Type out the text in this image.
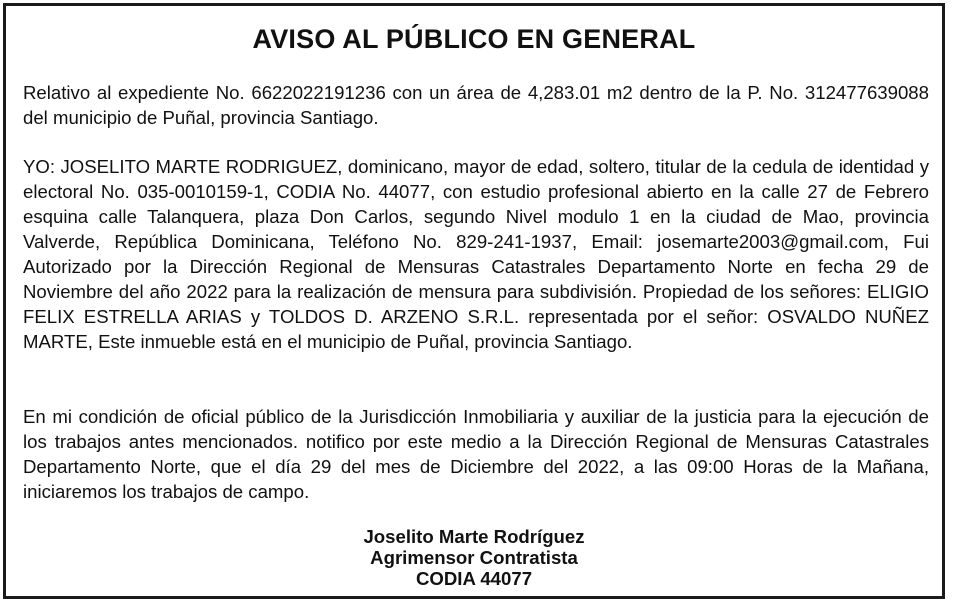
AVISO AL PÚBLICO EN GENERAL

Relativo al expediente No. 6622022191236 con un área de 4,283.01 m2 dentro de la P. No. 312477639088 del municipio de Puñal, provincia Santiago.

YO: JOSELITO MARTE RODRIGUEZ, dominicano, mayor de edad, soltero, titular de la cedula de identidad y electoral No. 035-0010159-1, CODIA No. 44077, con estudio profesional abierto en la calle 27 de Febrero esquina calle Talanquera, plaza Don Carlos, segundo Nivel modulo 1 en la ciudad de Mao, provincia Valverde, República Dominicana, Teléfono No. 829-241-1937, Email: josemarte2003@gmail.com, Fui Autorizado por la Dirección Regional de Mensuras Catastrales Departamento Norte en fecha 29 de Noviembre del año 2022 para la realización de mensura para subdivisión. Propiedad de los señores: ELIGIO FELIX ESTRELLA ARIAS y TOLDOS D. ARZENO S.R.L. representada por el señor: OSVALDO NUÑEZ MARTE, Este inmueble está en el municipio de Puñal, provincia Santiago.

En mi condición de oficial público de la Jurisdicción Inmobiliaria y auxiliar de la justicia para la ejecución de los trabajos antes mencionados. notifico por este medio a la Dirección Regional de Mensuras Catastrales Departamento Norte, que el día 29 del mes de Diciembre del 2022, a las 09:00 Horas de la Mañana, iniciaremos los trabajos de campo.

Joselito Marte Rodríguez
Agrimensor Contratista
CODIA 44077
